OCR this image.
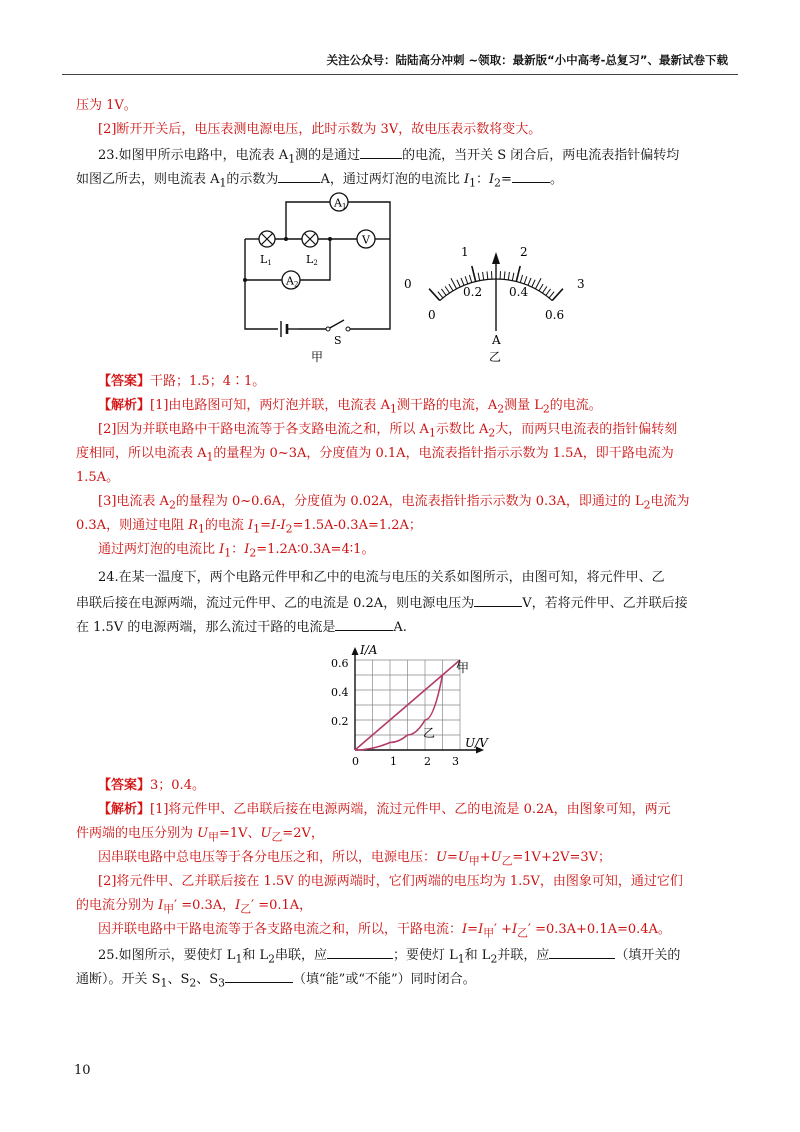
关注公众号：陆陆高分冲刺 ~领取：最新版“小中高考-总复习”、最新试卷下载
压为 1V。
[2]断开开关后，电压表测电源电压，此时示数为 3V，故电压表示数将变大。
23.如图甲所示电路中，电流表 $A_1$测的是通过	的电流，当开关 S 闭合后，两电流表指针偏转均
如图乙所去，则电流表 $A_1$的示数为	A，通过两灯泡的电流比 $I_1$：$I_2=$	。
A1
A2
V
L1	L2
S
甲
0
1	2
3
0
0.2 0.4
0.6
A
乙
【答案】干路；1.5；4∶1。
【解析】[1]由电路图可知，两灯泡并联，电流表 $A_1$测干路的电流，$A_2$测量 $L_2$的电流。
[2]因为并联电路中干路电流等于各支路电流之和，所以 $A_1$示数比 $A_2$大，而两只电流表的指针偏转刻
度相同，所以电流表 $A_1$的量程为 0~3A，分度值为 0.1A，电流表指针指示示数为 1.5A，即干路电流为
1.5A。
[3]电流表 $A_2$的量程为 0~0.6A，分度值为 0.02A，电流表指针指示示数为 0.3A，即通过的 $L_2$电流为
0.3A，则通过电阻 $R_1$的电流 $I_1=I-I_2=1.5A-0.3A=1.2A$；
通过两灯泡的电流比 $I_1$：$I_2=1.2A∶0.3A=4∶1$。
24.在某一温度下，两个电路元件甲和乙中的电流与电压的关系如图所示，由图可知，将元件甲、乙
串联后接在电源两端，流过元件甲、乙的电流是 0.2A，则电源电压为	V，若将元件甲、乙并联后接
在 1.5V 的电源两端，那么流过干路的电流是	A.
I/A
U/V
0.6
0.4
0.2
0	1 2 3
甲
乙
【答案】3；0.4。
【解析】[1]将元件甲、乙串联后接在电源两端，流过元件甲、乙的电流是 0.2A，由图象可知，两元
件两端的电压分别为 $U_甲=1V$、$U_乙=2V$，
因串联电路中总电压等于各分电压之和，所以，电源电压：$U=U_甲+U_乙=1V+2V=3V$；
[2]将元件甲、乙并联后接在 1.5V 的电源两端时，它们两端的电压均为 1.5V，由图象可知，通过它们
的电流分别为 $I_甲' =0.3A$，$I_乙' =0.1A$，
因并联电路中干路电流等于各支路电流之和，所以，干路电流：$I=I_甲' +I_乙' =0.3A+0.1A=0.4A$。
25.如图所示，要使灯 $L_1$和 $L_2$串联，应	；要使灯 $L_1$和 $L_2$并联，应	（填开关的
通断）。开关 $S_1$、$S_2$、$S_3$	（填“能”或“不能”）同时闭合。
10
